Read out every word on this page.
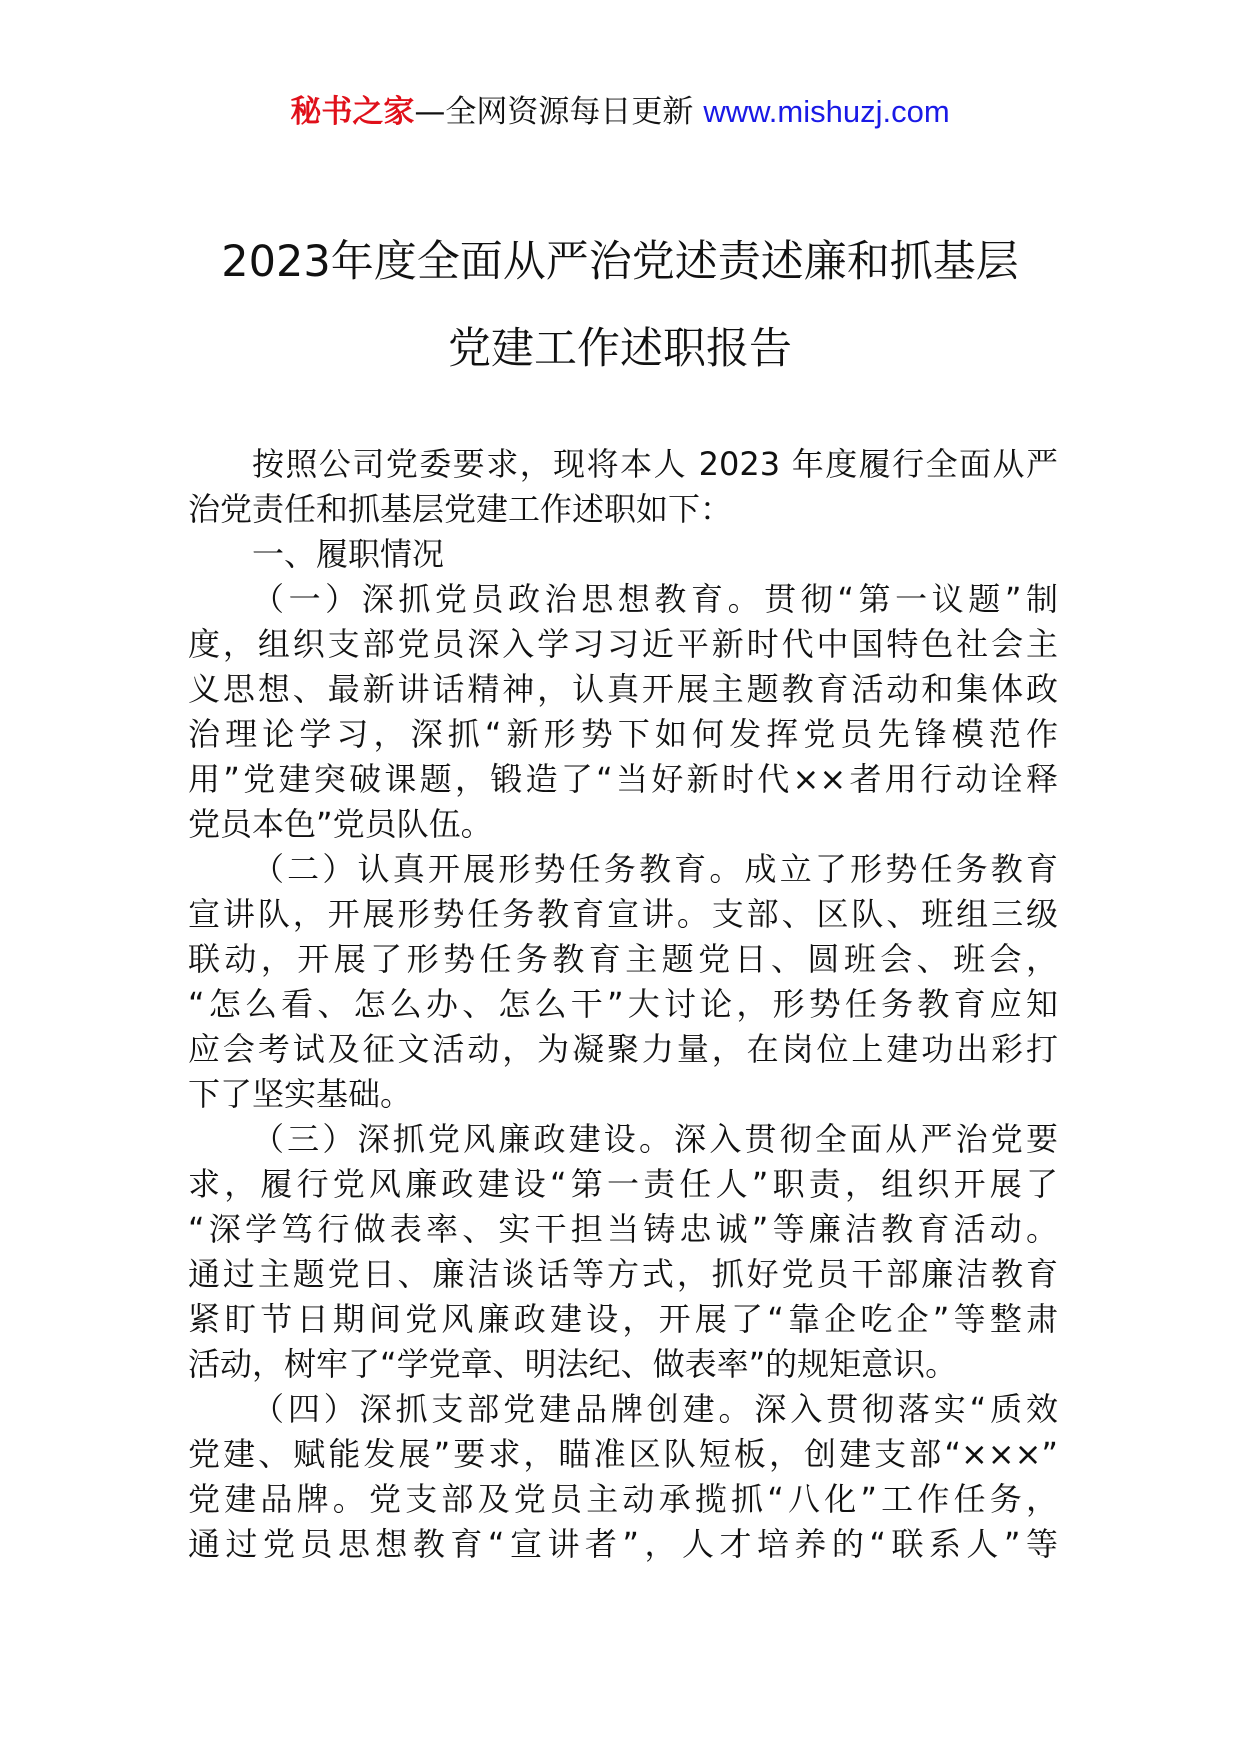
秘书之家—全网资源每日更新 www.mishuzj.com
2023年度全面从严治党述责述廉和抓基层
党建工作述职报告
按照公司党委要求，现将本人 2023 年度履行全面从严
治党责任和抓基层党建工作述职如下：
一、履职情况
（一）深抓党员政治思想教育。贯彻“第一议题”制
度，组织支部党员深入学习习近平新时代中国特色社会主
义思想、最新讲话精神，认真开展主题教育活动和集体政
治理论学习，深抓“新形势下如何发挥党员先锋模范作
用”党建突破课题，锻造了“当好新时代××者用行动诠释
党员本色”党员队伍。
（二）认真开展形势任务教育。成立了形势任务教育
宣讲队，开展形势任务教育宣讲。支部、区队、班组三级
联动，开展了形势任务教育主题党日、圆班会、班会，
“怎么看、怎么办、怎么干”大讨论，形势任务教育应知
应会考试及征文活动，为凝聚力量，在岗位上建功出彩打
下了坚实基础。
（三）深抓党风廉政建设。深入贯彻全面从严治党要
求，履行党风廉政建设“第一责任人”职责，组织开展了
“深学笃行做表率、实干担当铸忠诚”等廉洁教育活动。
通过主题党日、廉洁谈话等方式，抓好党员干部廉洁教育
紧盯节日期间党风廉政建设，开展了“靠企吃企”等整肃
活动，树牢了“学党章、明法纪、做表率”的规矩意识。
（四）深抓支部党建品牌创建。深入贯彻落实“质效
党建、赋能发展”要求，瞄准区队短板，创建支部“×××”
党建品牌。党支部及党员主动承揽抓“八化”工作任务，
通过党员思想教育“宣讲者”，人才培养的“联系人”等
